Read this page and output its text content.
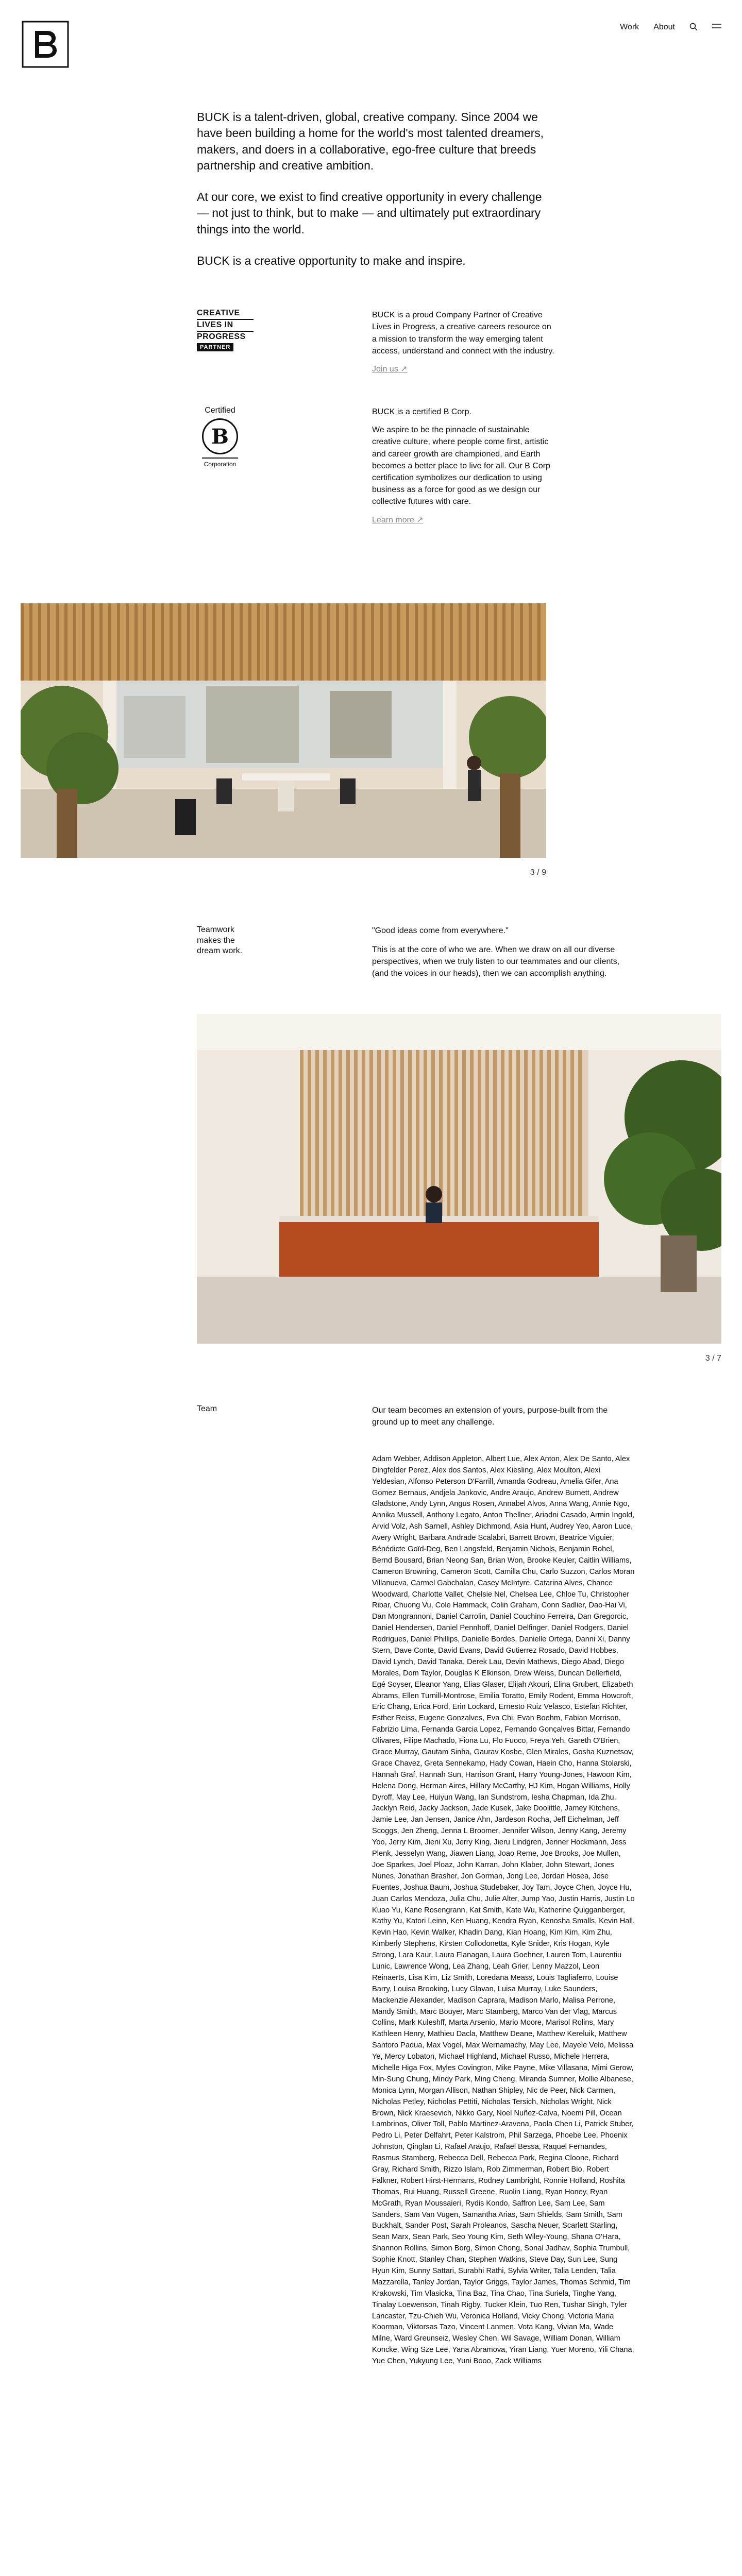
Work About

BUCK is a talent-driven, global, creative company. Since 2004 we have been building a home for the world's most talented dreamers, makers, and doers in a collaborative, ego-free culture that breeds partnership and creative ambition.

At our core, we exist to find creative opportunity in every challenge — not just to think, but to make — and ultimately put extraordinary things into the world.

BUCK is a creative opportunity to make and inspire.

CREATIVE
LIVES IN
PROGRESS
PARTNER

BUCK is a proud Company Partner of Creative Lives in Progress, a creative careers resource on a mission to transform the way emerging talent access, understand and connect with the industry.

Join us ↗
Certified
B
Corporation

BUCK is a certified B Corp.

We aspire to be the pinnacle of sustainable creative culture, where people come first, artistic and career growth are championed, and Earth becomes a better place to live for all. Our B Corp certification symbolizes our dedication to using business as a force for good as we design our collective futures with care.

Learn more ↗
3 / 9
Teamwork makes the dream work.

"Good ideas come from everywhere."

This is at the core of who we are. When we draw on all our diverse perspectives, when we truly listen to our teammates and our clients, (and the voices in our heads), then we can accomplish anything.

3 / 7
Team	Our team becomes an extension of yours, purpose-built from the ground up to meet any challenge.

Adam Webber, Addison Appleton, Albert Lue, Alex Anton, Alex De Santo, Alex Dingfelder Perez, Alex dos Santos, Alex Kiesling, Alex Moulton, Alexi Yeldesian, Alfonso Peterson D'Farrill, Amanda Godreau, Amelia Gifer, Ana Gomez Bernaus, Andjela Jankovic, Andre Araujo, Andrew Burnett, Andrew Gladstone, Andy Lynn, Angus Rosen, Annabel Alvos, Anna Wang, Annie Ngo, Annika Mussell, Anthony Legato, Anton Thellner, Ariadni Casado, Armin Ingold, Arvid Volz, Ash Sarnell, Ashley Dichmond, Asia Hunt, Audrey Yeo, Aaron Luce, Avery Wright, Barbara Andrade Scalabri, Barrett Brown, Beatrice Viguier, Bénédicte Goïd-Deg, Ben Langsfeld, Benjamin Nichols, Benjamin Rohel, Bernd Bousard, Brian Neong San, Brian Won, Brooke Keuler, Caitlin Williams, Cameron Browning, Cameron Scott, Camilla Chu, Carlo Suzzon, Carlos Moran Villanueva, Carmel Gabchalan, Casey McIntyre, Catarina Alves, Chance Woodward, Charlotte Vallet, Chelsie Nel, Chelsea Lee, Chloe Tu, Christopher Ribar, Chuong Vu, Cole Hammack, Colin Graham, Conn Sadlier, Dao-Hai Vi, Dan Mongrannoni, Daniel Carrolin, Daniel Couchino Ferreira, Dan Gregorcic, Daniel Hendersen, Daniel Pennhoff, Daniel Delfinger, Daniel Rodgers, Daniel Rodrigues, Daniel Phillips, Danielle Bordes, Danielle Ortega, Danni Xi, Danny Stern, Dave Conte, David Evans, David Gutierrez Rosado, David Hobbes, David Lynch, David Tanaka, Derek Lau, Devin Mathews, Diego Abad, Diego Morales, Dom Taylor, Douglas K Elkinson, Drew Weiss, Duncan Dellerfield, Egé Soyser, Eleanor Yang, Elias Glaser, Elijah Akouri, Elina Grubert, Elizabeth Abrams, Ellen Turnill-Montrose, Emilia Toratto, Emily Rodent, Emma Howcroft, Eric Chang, Erica Ford, Erin Lockard, Ernesto Ruiz Velasco, Estefan Richter, Esther Reiss, Eugene Gonzalves, Eva Chi, Evan Boehm, Fabian Morrison, Fabrizio Lima, Fernanda Garcia Lopez, Fernando Gonçalves Bittar, Fernando Olivares, Filipe Machado, Fiona Lu, Flo Fuoco, Freya Yeh, Gareth O'Brien, Grace Murray, Gautam Sinha, Gaurav Kosbe, Glen Mirales, Gosha Kuznetsov, Grace Chavez, Greta Sennekamp, Hady Cowan, Haein Cho, Hanna Stolarski, Hannah Graf, Hannah Sun, Harrison Grant, Harry Young-Jones, Hawoon Kim, Helena Dong, Herman Aires, Hillary McCarthy, HJ Kim, Hogan Williams, Holly Dyroff, May Lee, Huiyun Wang, Ian Sundstrom, Iesha Chapman, Ida Zhu, Jacklyn Reid, Jacky Jackson, Jade Kusek, Jake Doolittle, Jamey Kitchens, Jamie Lee, Jan Jensen, Janice Ahn, Jardeson Rocha, Jeff Eichelman, Jeff Scoggs, Jen Zheng, Jenna L Broomer, Jennifer Wilson, Jenny Kang, Jeremy Yoo, Jerry Kim, Jieni Xu, Jerry King, Jieru Lindgren, Jenner Hockmann, Jess Plenk, Jesselyn Wang, Jiawen Liang, Joao Reme, Joe Brooks, Joe Mullen, Joe Sparkes, Joel Ploaz, John Karran, John Klaber, John Stewart, Jones Nunes, Jonathan Brasher, Jon Gorman, Jong Lee, Jordan Hosea, Jose Fuentes, Joshua Baum, Joshua Studebaker, Joy Tam, Joyce Chen, Joyce Hu, Juan Carlos Mendoza, Julia Chu, Julie Alter, Jump Yao, Justin Harris, Justin Lo Kuao Yu, Kane Rosengrann, Kat Smith, Kate Wu, Katherine Quigganberger, Kathy Yu, Katori Leinn, Ken Huang, Kendra Ryan, Kenosha Smalls, Kevin Hall, Kevin Hao, Kevin Walker, Khadin Dang, Kian Hoang, Kim Kim, Kim Zhu, Kimberly Stephens, Kirsten Collodonetta, Kyle Snider, Kris Hogan, Kyle Strong, Lara Kaur, Laura Flanagan, Laura Goehner, Lauren Tom, Laurentiu Lunic, Lawrence Wong, Lea Zhang, Leah Grier, Lenny Mazzol, Leon Reinaerts, Lisa Kim, Liz Smith, Loredana Meass, Louis Tagliaferro, Louise Barry, Louisa Brooking, Lucy Glavan, Luisa Murray, Luke Saunders, Mackenzie Alexander, Madison Caprara, Madison Marlo, Malisa Perrone, Mandy Smith, Marc Bouyer, Marc Stamberg, Marco Van der Vlag, Marcus Collins, Mark Kuleshff, Marta Arsenio, Mario Moore, Marisol Rolins, Mary Kathleen Henry, Mathieu Dacla, Matthew Deane, Matthew Kereluik, Matthew Santoro Padua, Max Vogel, Max Wernamachy, May Lee, Mayele Velo, Melissa Ye, Mercy Lobaton, Michael Highland, Michael Russo, Michele Herrera, Michelle Higa Fox, Myles Covington, Mike Payne, Mike Villasana, Mimi Gerow, Min-Sung Chung, Mindy Park, Ming Cheng, Miranda Sumner, Mollie Albanese, Monica Lynn, Morgan Allison, Nathan Shipley, Nic de Peer, Nick Carmen, Nicholas Petley, Nicholas Pettiti, Nicholas Tersich, Nicholas Wright, Nick Brown, Nick Kraesevich, Nikko Gary, Noel Nuñez-Calva, Noemi Pill, Ocean Lambrinos, Oliver Toll, Pablo Martinez-Aravena, Paola Chen Li, Patrick Stuber, Pedro Li, Peter Delfahrt, Peter Kalstrom, Phil Sarzega, Phoebe Lee, Phoenix Johnston, Qinglan Li, Rafael Araujo, Rafael Bessa, Raquel Fernandes, Rasmus Stamberg, Rebecca Dell, Rebecca Park, Regina Cloone, Richard Gray, Richard Smith, Rizzo Islam, Rob Zimmerman, Robert Bio, Robert Falkner, Robert Hirst-Hermans, Rodney Lambright, Ronnie Holland, Roshita Thomas, Rui Huang, Russell Greene, Ruolin Liang, Ryan Honey, Ryan McGrath, Ryan Moussaieri, Rydis Kondo, Saffron Lee, Sam Lee, Sam Sanders, Sam Van Vugen, Samantha Arias, Sam Shields, Sam Smith, Sam Buckhalt, Sander Post, Sarah Proleanos, Sascha Neuer, Scarlett Starling, Sean Marx, Sean Park, Seo Young Kim, Seth Wiley-Young, Shana O'Hara, Shannon Rollins, Simon Borg, Simon Chong, Sonal Jadhav, Sophia Trumbull, Sophie Knott, Stanley Chan, Stephen Watkins, Steve Day, Sun Lee, Sung Hyun Kim, Sunny Sattari, Surabhi Rathi, Sylvia Writer, Talia Lenden, Talia Mazzarella, Tanley Jordan, Taylor Griggs, Taylor James, Thomas Schmid, Tim Krakowski, Tim Vlasicka, Tina Baz, Tina Chao, Tina Suriela, Tinghe Yang, Tinalay Loewenson, Tinah Rigby, Tucker Klein, Tuo Ren, Tushar Singh, Tyler Lancaster, Tzu-Chieh Wu, Veronica Holland, Vicky Chong, Victoria Maria Koorman, Viktorsas Tazo, Vincent Lanmen, Vota Kang, Vivian Ma, Wade Milne, Ward Greunseiz, Wesley Chen, Wil Savage, William Donan, William Koncke, Wing Sze Lee, Yana Abramova, Yiran Liang, Yuer Moreno, Yili Chana, Yue Chen, Yukyung Lee, Yuni Booo, Zack Williams
